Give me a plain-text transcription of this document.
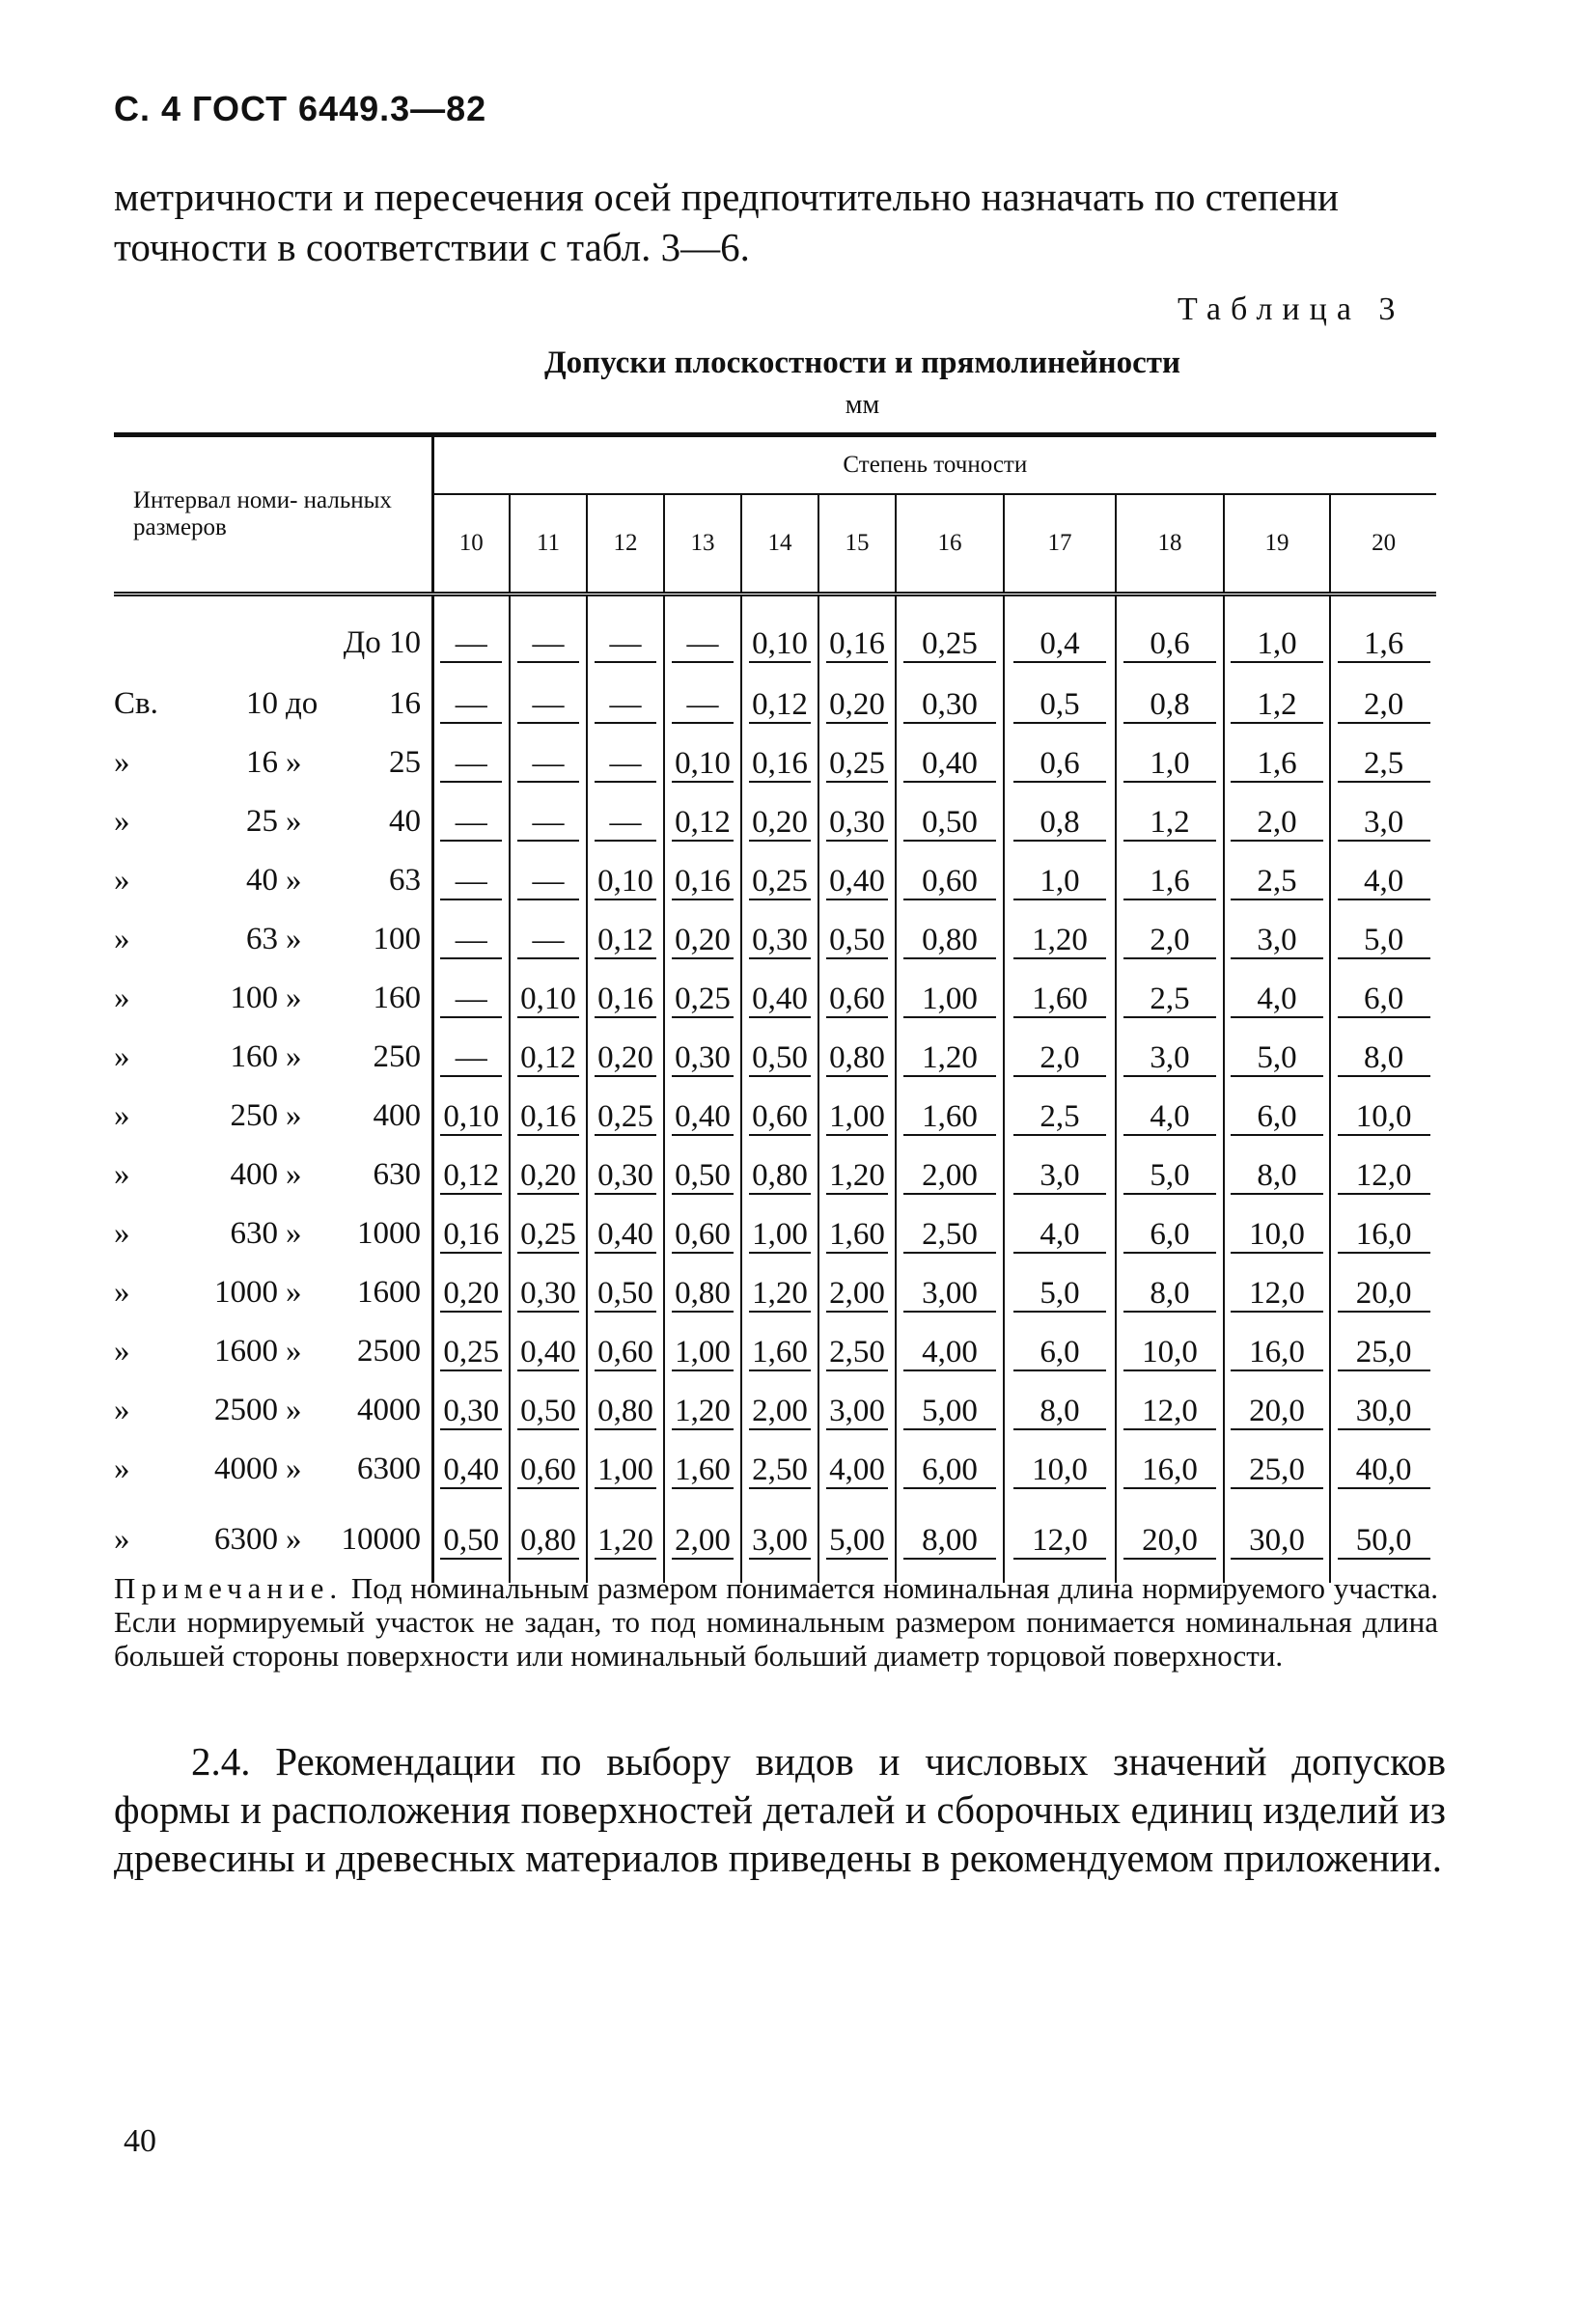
С. 4 ГОСТ 6449.3—82
метричности и пересечения осей предпочтительно назначать по степени точности в соответствии с табл. 3—6.
Таблица 3
Допуски плоскостности и прямолинейности
мм
Интервал номи- нальных размеров	Степень точности										
	10	11	12	13	14	15	16	17	18	19	20

До 10	—	—	—	—	0,10	0,16	0,25	0,4	0,6	1,0	1,6

Св. 10 до 16	—	—	—	—	0,12	0,20	0,30	0,5	0,8	1,2	2,0

» 16 » 25	—	—	—	0,10	0,16	0,25	0,40	0,6	1,0	1,6	2,5

» 25 » 40	—	—	—	0,12	0,20	0,30	0,50	0,8	1,2	2,0	3,0

» 40 » 63	—	—	0,10	0,16	0,25	0,40	0,60	1,0	1,6	2,5	4,0

» 63 » 100	—	—	0,12	0,20	0,30	0,50	0,80	1,20	2,0	3,0	5,0

» 100 » 160	—	0,10	0,16	0,25	0,40	0,60	1,00	1,60	2,5	4,0	6,0

» 160 » 250	—	0,12	0,20	0,30	0,50	0,80	1,20	2,0	3,0	5,0	8,0

» 250 » 400	0,10	0,16	0,25	0,40	0,60	1,00	1,60	2,5	4,0	6,0	10,0

» 400 » 630	0,12	0,20	0,30	0,50	0,80	1,20	2,00	3,0	5,0	8,0	12,0

» 630 » 1000	0,16	0,25	0,40	0,60	1,00	1,60	2,50	4,0	6,0	10,0	16,0

» 1000 » 1600	0,20	0,30	0,50	0,80	1,20	2,00	3,00	5,0	8,0	12,0	20,0

» 1600 » 2500	0,25	0,40	0,60	1,00	1,60	2,50	4,00	6,0	10,0	16,0	25,0

» 2500 » 4000	0,30	0,50	0,80	1,20	2,00	3,00	5,00	8,0	12,0	20,0	30,0

» 4000 » 6300	0,40	0,60	1,00	1,60	2,50	4,00	6,00	10,0	16,0	25,0	40,0

» 6300 » 10000	0,50	0,80	1,20	2,00	3,00	5,00	8,00	12,0	20,0	30,0	50,0
Примечание. Под номинальным размером понимается номинальная длина нормируемого участка. Если нормируемый участок не задан, то под номинальным размером понимается номинальная длина большей стороны поверхности или номинальный больший диаметр торцовой поверхности.
2.4. Рекомендации по выбору видов и числовых значений допусков формы и расположения поверхностей деталей и сборочных единиц изделий из древесины и древесных материалов приведены в рекомендуемом приложении.
40
